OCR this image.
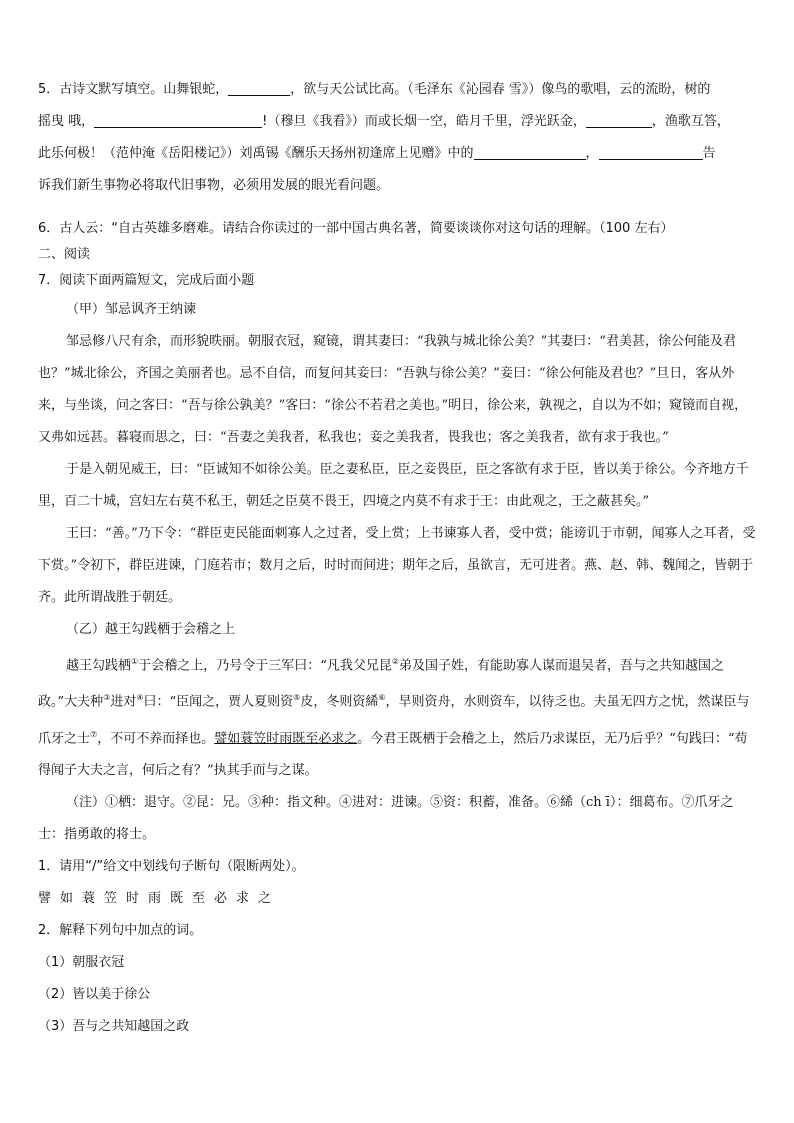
5．古诗文默写填空。山舞银蛇，	，欲与天公试比高。（毛泽东《沁园春 雪》）像鸟的歌唱，云的流盼，树的

摇曳 哦，	!（穆旦《我看》）而或长烟一空，皓月千里，浮光跃金，	，渔歌互答，

此乐何极！（范仲淹《岳阳楼记》）刘禹锡《酬乐天扬州初逢席上见赠》中的	，	告

诉我们新生事物必将取代旧事物，必须用发展的眼光看问题。

6．古人云：“自古英雄多磨难。请结合你读过的一部中国古典名著，简要谈谈你对这句话的理解。（100 左右）

二、阅读

7．阅读下面两篇短文，完成后面小题

（甲）邹忌讽齐王纳谏

邹忌修八尺有余，而形貌昳丽。朝服衣冠，窥镜，谓其妻曰：“我孰与城北徐公美？”其妻曰：“君美甚，徐公何能及君也？”城北徐公，齐国之美丽者也。忌不自信，而复问其妾曰：“吾孰与徐公美？”妾曰：“徐公何能及君也？”旦日，客从外来，与坐谈，问之客曰：“吾与徐公孰美？”客曰：“徐公不若君之美也。”明日，徐公来，孰视之，自以为不如；窥镜而自视，又弗如远甚。暮寝而思之，曰：“吾妻之美我者，私我也；妾之美我者，畏我也；客之美我者，欲有求于我也。”

于是入朝见威王，曰：“臣诚知不如徐公美。臣之妻私臣，臣之妾畏臣，臣之客欲有求于臣，皆以美于徐公。今齐地方千里，百二十城，宫妇左右莫不私王，朝廷之臣莫不畏王，四境之内莫不有求于王：由此观之，王之蔽甚矣。”

王曰：“善。”乃下令：“群臣吏民能面刺寡人之过者，受上赏；上书谏寡人者，受中赏；能谤讥于市朝，闻寡人之耳者，受下赏。”令初下，群臣进谏，门庭若市；数月之后，时时而间进；期年之后，虽欲言，无可进者。燕、赵、韩、魏闻之，皆朝于齐。此所谓战胜于朝廷。

（乙）越王勾践栖于会稽之上

越王勾践栖①于会稽之上，乃号令于三军曰：“凡我父兄昆②弟及国子姓，有能助寡人谋而退吴者，吾与之共知越国之政。”大夫种③进对④曰：“臣闻之，贾人夏则资⑤皮，冬则资絺⑥，旱则资舟，水则资车，以待乏也。夫虽无四方之忧，然谋臣与爪牙之士⑦，不可不养而择也。譬如蓑笠时雨既至必求之。今君王既栖于会稽之上，然后乃求谋臣，无乃后乎？”句践曰：“苟得闻子大夫之言，何后之有？”执其手而与之谋。

（注）①栖：退守。②昆：兄。③种：指文种。④进对：进谏。⑤资：积蓄，准备。⑥絺（ch ī）：细葛布。⑦爪牙之士：指勇敢的将士。

1．请用“/”给文中划线句子断句（限断两处）。

譬如蓑笠时雨既至必求之

2．解释下列句中加点的词。

（1）朝服衣冠

（2）皆以美于徐公

（3）吾与之共知越国之政
